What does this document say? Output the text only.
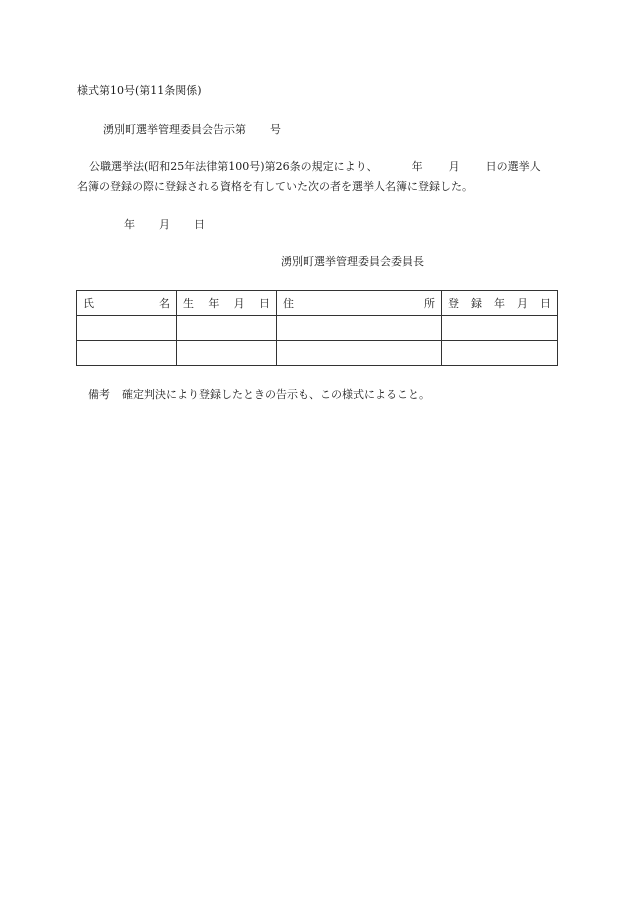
様式第10号(第11条関係)
湧別町選挙管理委員会告示第 号
公職選挙法(昭和25年法律第100号)第26条の規定により、	年 月 日の選挙人
名簿の登録の際に登録される資格を有していた次の者を選挙人名簿に登録した。
年 月 日
湧別町選挙管理委員会委員長
氏 名	生 年 月 日	住 所	登 録 年 月 日

備考 確定判決により登録したときの告示も、この様式によること。
